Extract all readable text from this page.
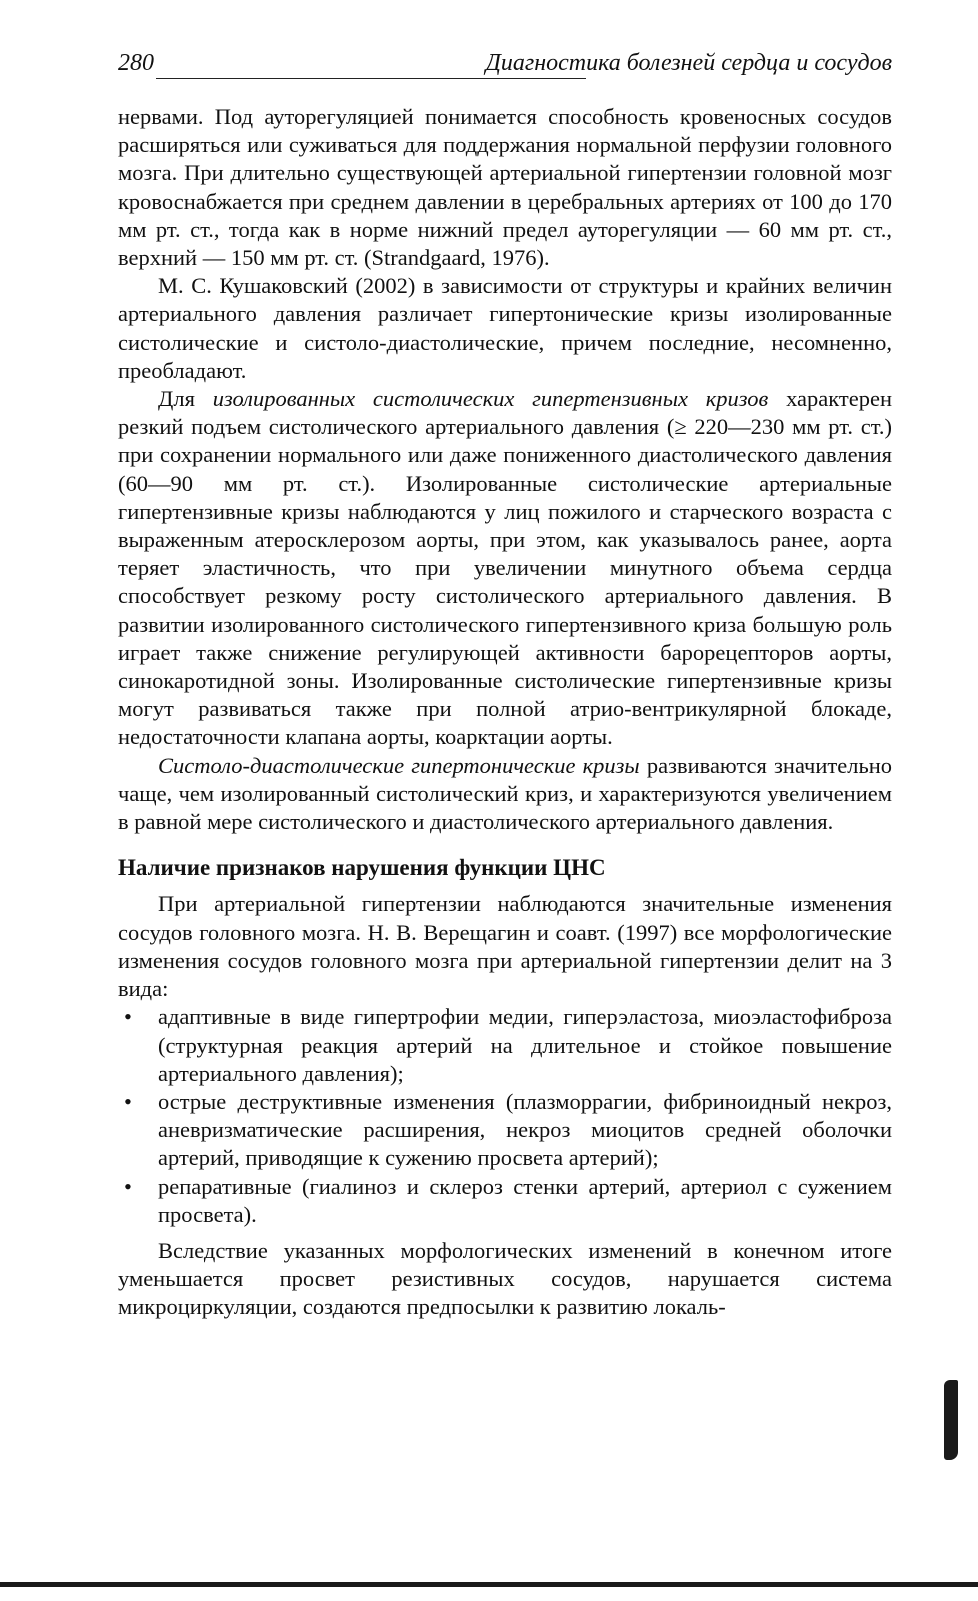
280	Диагностика болезней сердца и сосудов

нервами. Под ауторегуляцией понимается способность кровеносных сосудов расширяться или суживаться для поддержания нормальной перфузии головного мозга. При длительно существующей артериальной гипертензии головной мозг кровоснабжается при среднем давлении в церебральных артериях от 100 до 170 мм рт. ст., тогда как в норме нижний предел ауторегуляции — 60 мм рт. ст., верхний — 150 мм рт. ст. (Strandgaard, 1976).

М. С. Кушаковский (2002) в зависимости от структуры и крайних величин артериального давления различает гипертонические кризы изолированные систолические и систоло-диастолические, причем последние, несомненно, преобладают.

Для изолированных систолических гипертензивных кризов характерен резкий подъем систолического артериального давления (≥ 220—230 мм рт. ст.) при сохранении нормального или даже пониженного диастолического давления (60—90 мм рт. ст.). Изолированные систолические артериальные гипертензивные кризы наблюдаются у лиц пожилого и старческого возраста с выраженным атеросклерозом аорты, при этом, как указывалось ранее, аорта теряет эластичность, что при увеличении минутного объема сердца способствует резкому росту систолического артериального давления. В развитии изолированного систолического гипертензивного криза большую роль играет также снижение регулирующей активности барорецепторов аорты, синокаротидной зоны. Изолированные систолические гипертензивные кризы могут развиваться также при полной атрио-вентрикулярной блокаде, недостаточности клапана аорты, коарктации аорты.

Систоло-диастолические гипертонические кризы развиваются значительно чаще, чем изолированный систолический криз, и характеризуются увеличением в равной мере систолического и диастолического артериального давления.

Наличие признаков нарушения функции ЦНС

При артериальной гипертензии наблюдаются значительные изменения сосудов головного мозга. Н. В. Верещагин и соавт. (1997) все морфологические изменения сосудов головного мозга при артериальной гипертензии делит на 3 вида:

• адаптивные в виде гипертрофии медии, гиперэластоза, миоэластофиброза (структурная реакция артерий на длительное и стойкое повышение артериального давления);
• острые деструктивные изменения (плазморрагии, фибриноидный некроз, аневризматические расширения, некроз миоцитов средней оболочки артерий, приводящие к сужению просвета артерий);
• репаративные (гиалиноз и склероз стенки артерий, артериол с сужением просвета).

Вследствие указанных морфологических изменений в конечном итоге уменьшается просвет резистивных сосудов, нарушается система микроциркуляции, создаются предпосылки к развитию локаль-
